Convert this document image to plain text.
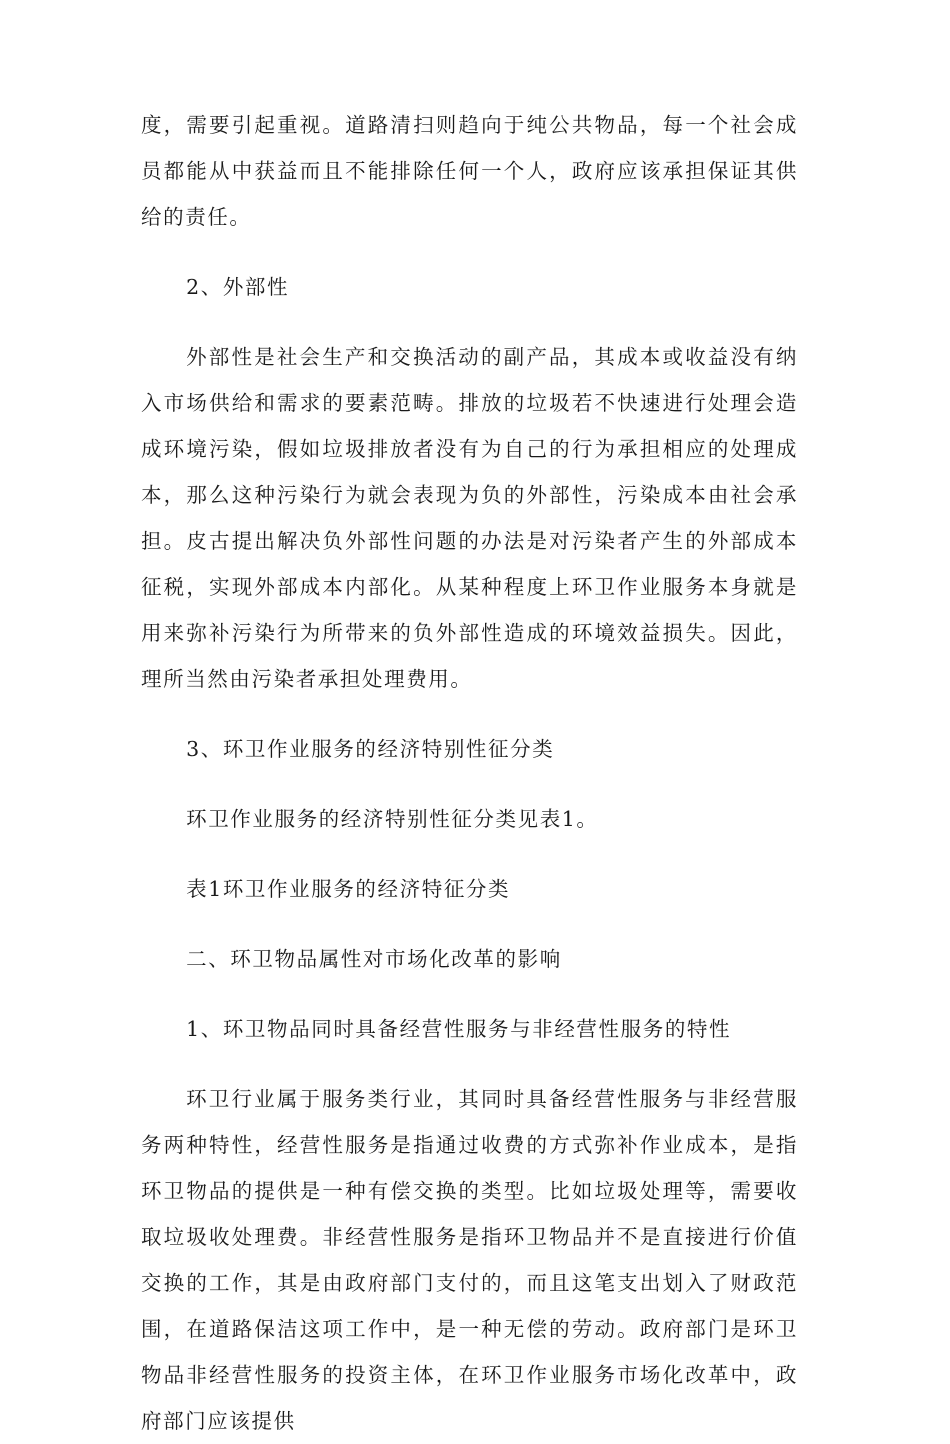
度，需要引起重视。道路清扫则趋向于纯公共物品，每一个社会成员都能从中获益而且不能排除任何一个人，政府应该承担保证其供给的责任。

2、外部性

外部性是社会生产和交换活动的副产品，其成本或收益没有纳入市场供给和需求的要素范畴。排放的垃圾若不快速进行处理会造成环境污染，假如垃圾排放者没有为自己的行为承担相应的处理成本，那么这种污染行为就会表现为负的外部性，污染成本由社会承担。皮古提出解决负外部性问题的办法是对污染者产生的外部成本征税，实现外部成本内部化。从某种程度上环卫作业服务本身就是用来弥补污染行为所带来的负外部性造成的环境效益损失。因此，理所当然由污染者承担处理费用。

3、环卫作业服务的经济特别性征分类

环卫作业服务的经济特别性征分类见表1。

表1环卫作业服务的经济特征分类

二、环卫物品属性对市场化改革的影响

1、环卫物品同时具备经营性服务与非经营性服务的特性

环卫行业属于服务类行业，其同时具备经营性服务与非经营服务两种特性，经营性服务是指通过收费的方式弥补作业成本，是指环卫物品的提供是一种有偿交换的类型。比如垃圾处理等，需要收取垃圾收处理费。非经营性服务是指环卫物品并不是直接进行价值交换的工作，其是由政府部门支付的，而且这笔支出划入了财政范围，在道路保洁这项工作中，是一种无偿的劳动。政府部门是环卫物品非经营性服务的投资主体，在环卫作业服务市场化改革中，政府部门应该提供
